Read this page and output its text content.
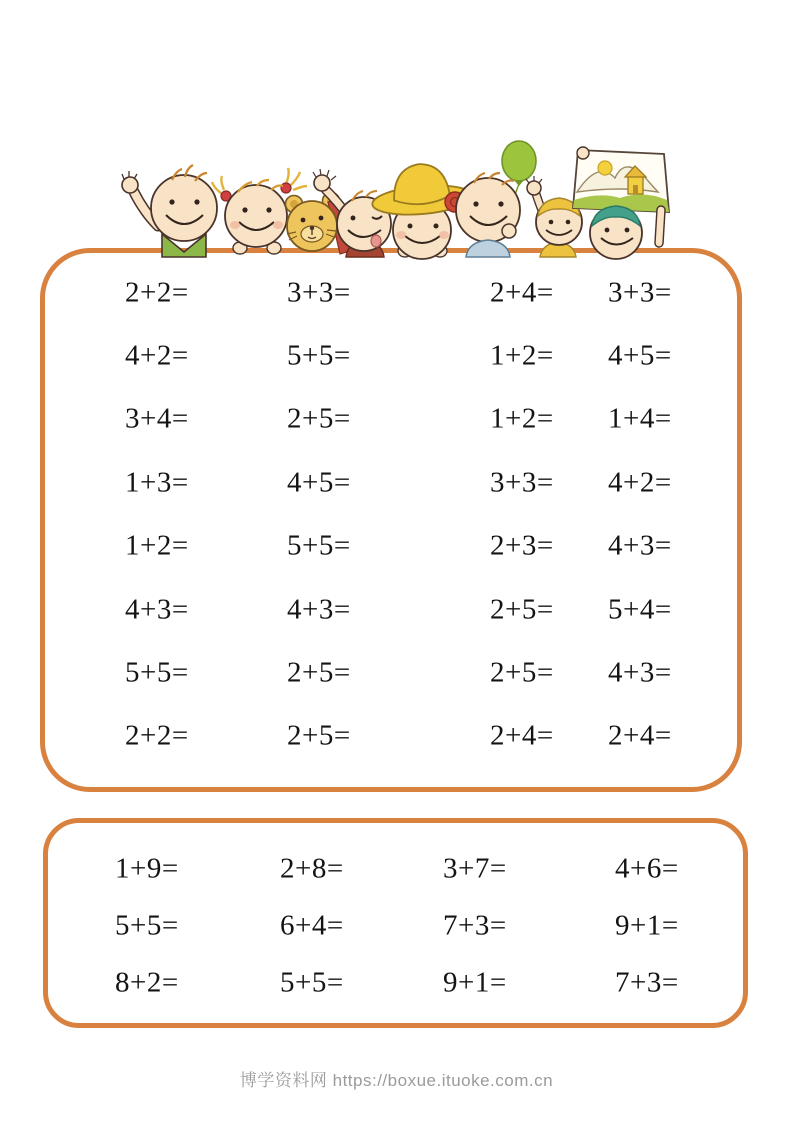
2+2=	3+3=	2+4= 3+3=
4+2=	5+5=	1+2= 4+5=
3+4=	2+5=	1+2= 1+4=
1+3=	4+5=	3+3= 4+2=
1+2=	5+5=	2+3= 4+3=
4+3=	4+3=	2+5= 5+4=
5+5=	2+5=	2+5= 4+3=
2+2=	2+5=	2+4= 2+4=
1+9=	2+8=	3+7=	4+6=
5+5=	6+4=	7+3=	9+1=
8+2=	5+5=	9+1=	7+3=
博学资料网 https://boxue.ituoke.com.cn
